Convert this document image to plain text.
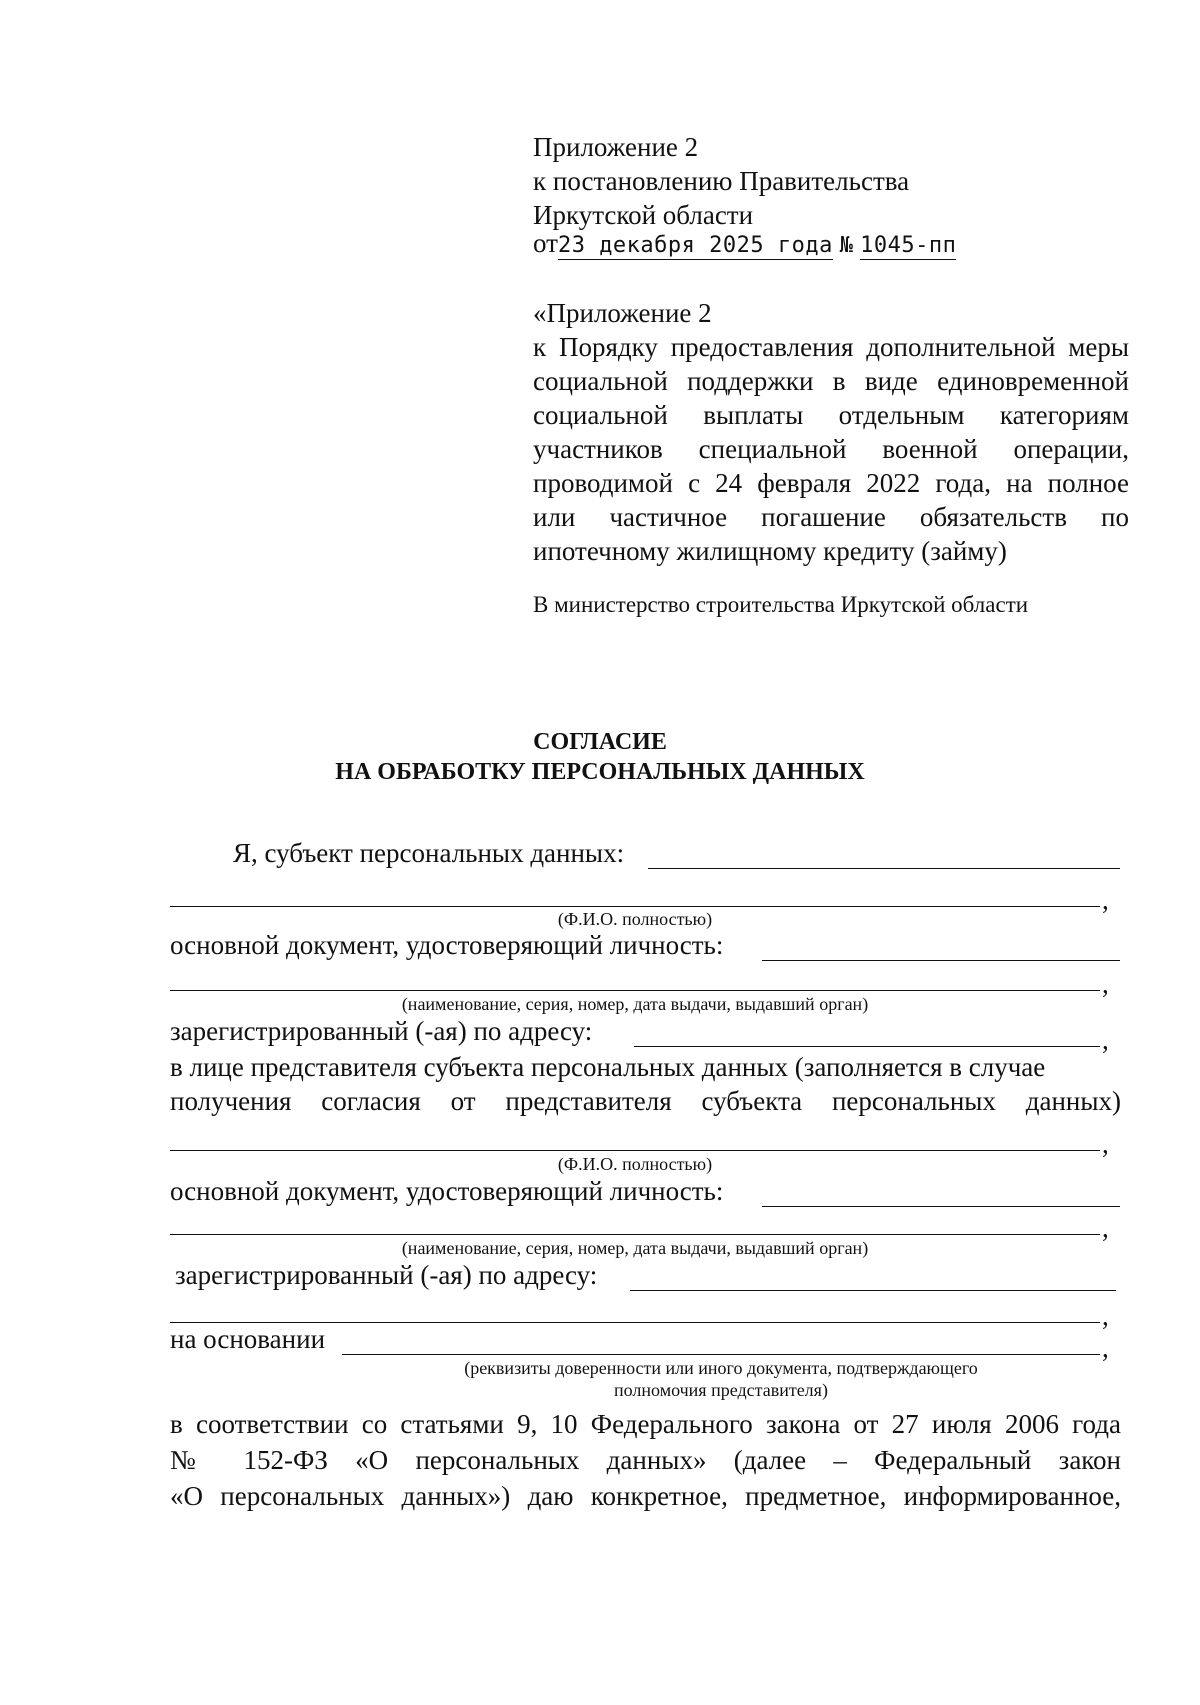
Приложение 2
к постановлению Правительства
Иркутской области
от23 декабря 2025 года № 1045-пп

«Приложение 2

к Порядку предоставления дополнительной меры

социальной поддержки в виде единовременной

социальной выплаты отдельным категориям

участников специальной военной операции,

проводимой с 24 февраля 2022 года, на полное

или частичное погашение обязательств по

ипотечному жилищному кредиту (займу)

В министерство строительства Иркутской области
СОГЛАСИЕ
НА ОБРАБОТКУ ПЕРСОНАЛЬНЫХ ДАННЫХ
Я, субъект персональных данных:
,
(Ф.И.О. полностью)
основной документ, удостоверяющий личность:
,
(наименование, серия, номер, дата выдачи, выдавший орган)
зарегистрированный (-ая) по адресу:	,
в лице представителя субъекта персональных данных (заполняется в случае
получения согласия от представителя субъекта персональных данных)
,
(Ф.И.О. полностью)
основной документ, удостоверяющий личность:
,
(наименование, серия, номер, дата выдачи, выдавший орган)
зарегистрированный (-ая) по адресу:
,
на основании	,
(реквизиты доверенности или иного документа, подтверждающего
полномочия представителя)

в соответствии со статьями 9, 10 Федерального закона от 27 июля 2006 года

№ 152-ФЗ «О персональных данных» (далее – Федеральный закон

«О персональных данных») даю конкретное, предметное, информированное,
